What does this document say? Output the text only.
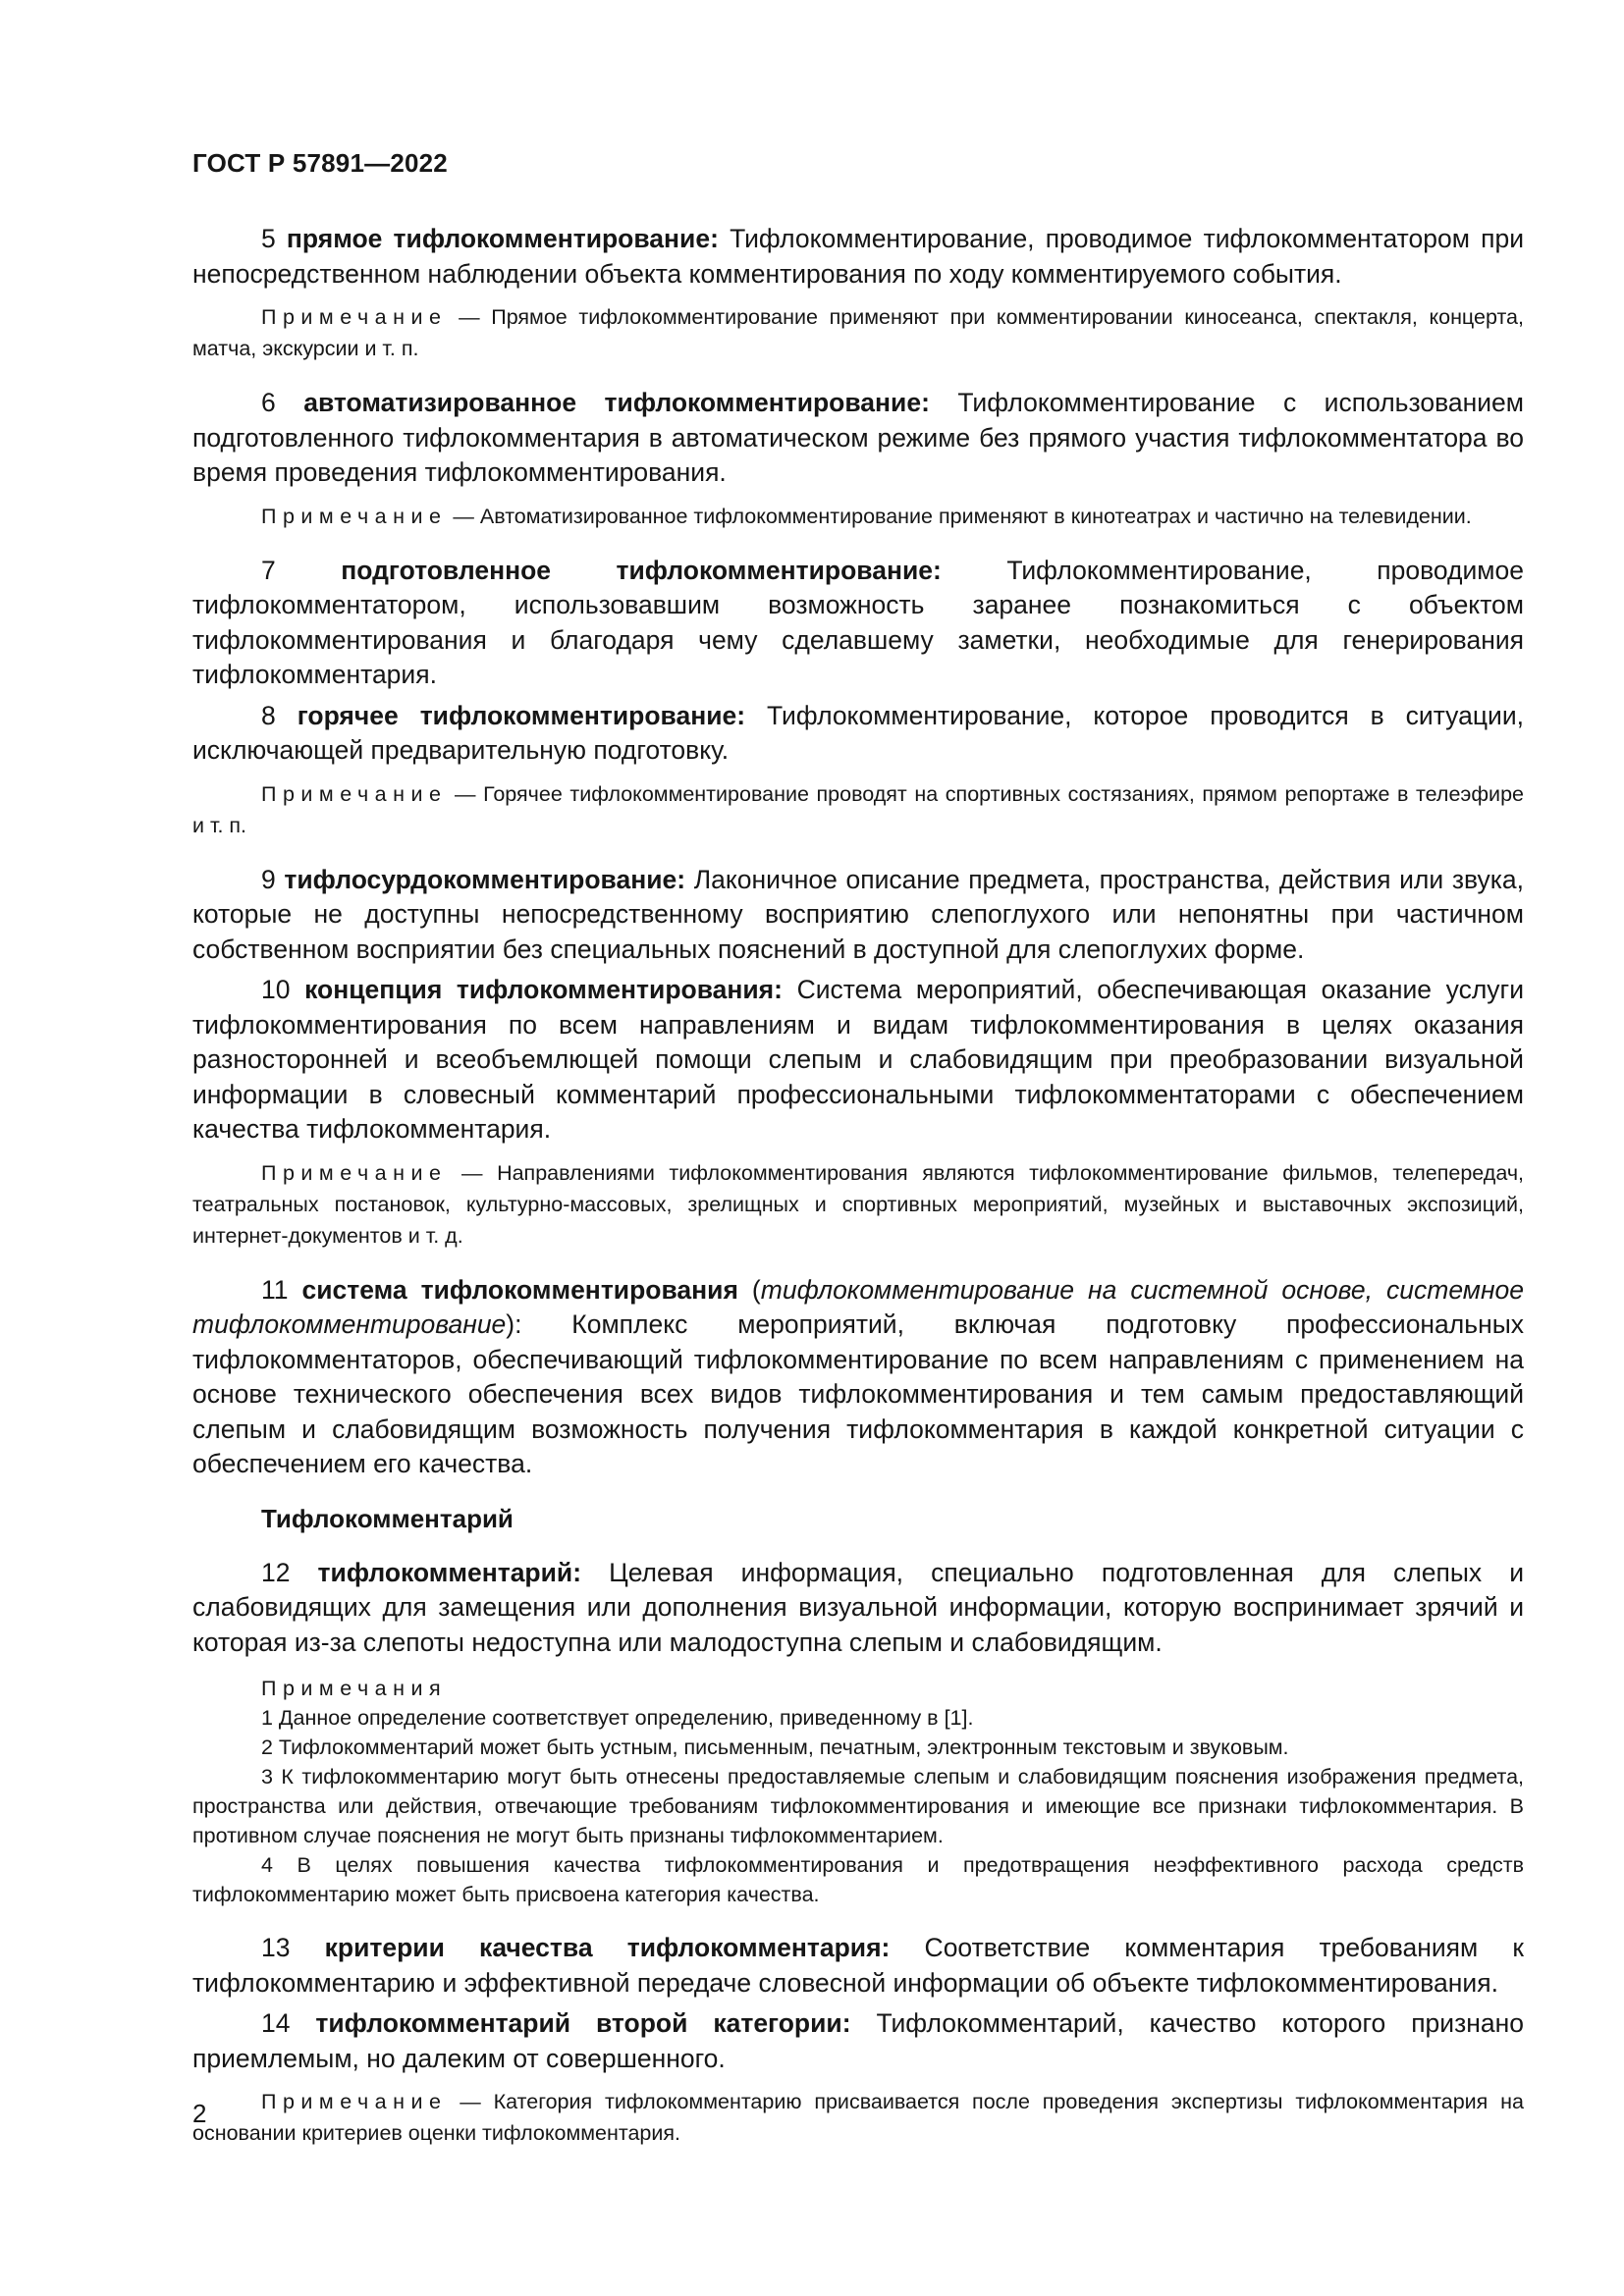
ГОСТ Р 57891—2022

5 прямое тифлокомментирование: Тифлокомментирование, проводимое тифлокомментатором при непосредственном наблюдении объекта комментирования по ходу комментируемого события.

Примечание — Прямое тифлокомментирование применяют при комментировании киносеанса, спектакля, концерта, матча, экскурсии и т. п.

6 автоматизированное тифлокомментирование: Тифлокомментирование с использованием подготовленного тифлокомментария в автоматическом режиме без прямого участия тифлокомментатора во время проведения тифлокомментирования.

Примечание — Автоматизированное тифлокомментирование применяют в кинотеатрах и частично на телевидении.

7 подготовленное тифлокомментирование: Тифлокомментирование, проводимое тифлокомментатором, использовавшим возможность заранее познакомиться с объектом тифлокомментирования и благодаря чему сделавшему заметки, необходимые для генерирования тифлокомментария.

8 горячее тифлокомментирование: Тифлокомментирование, которое проводится в ситуации, исключающей предварительную подготовку.

Примечание — Горячее тифлокомментирование проводят на спортивных состязаниях, прямом репортаже в телеэфире и т. п.

9 тифлосурдокомментирование: Лаконичное описание предмета, пространства, действия или звука, которые не доступны непосредственному восприятию слепоглухого или непонятны при частичном собственном восприятии без специальных пояснений в доступной для слепоглухих форме.

10 концепция тифлокомментирования: Система мероприятий, обеспечивающая оказание услуги тифлокомментирования по всем направлениям и видам тифлокомментирования в целях оказания разносторонней и всеобъемлющей помощи слепым и слабовидящим при преобразовании визуальной информации в словесный комментарий профессиональными тифлокомментаторами с обеспечением качества тифлокомментария.

Примечание — Направлениями тифлокомментирования являются тифлокомментирование фильмов, телепередач, театральных постановок, культурно-массовых, зрелищных и спортивных мероприятий, музейных и выставочных экспозиций, интернет-документов и т. д.

11 система тифлокомментирования (тифлокомментирование на системной основе, системное тифлокомментирование): Комплекс мероприятий, включая подготовку профессиональных тифлокомментаторов, обеспечивающий тифлокомментирование по всем направлениям с применением на основе технического обеспечения всех видов тифлокомментирования и тем самым предоставляющий слепым и слабовидящим возможность получения тифлокомментария в каждой конкретной ситуации с обеспечением его качества.

Тифлокомментарий

12 тифлокомментарий: Целевая информация, специально подготовленная для слепых и слабовидящих для замещения или дополнения визуальной информации, которую воспринимает зрячий и которая из-за слепоты недоступна или малодоступна слепым и слабовидящим.

Примечания
1 Данное определение соответствует определению, приведенному в [1].
2 Тифлокомментарий может быть устным, письменным, печатным, электронным текстовым и звуковым.
3 К тифлокомментарию могут быть отнесены предоставляемые слепым и слабовидящим пояснения изображения предмета, пространства или действия, отвечающие требованиям тифлокомментирования и имеющие все признаки тифлокомментария. В противном случае пояснения не могут быть признаны тифлокомментарием.
4 В целях повышения качества тифлокомментирования и предотвращения неэффективного расхода средств тифлокомментарию может быть присвоена категория качества.

13 критерии качества тифлокомментария: Соответствие комментария требованиям к тифлокомментарию и эффективной передаче словесной информации об объекте тифлокомментирования.

14 тифлокомментарий второй категории: Тифлокомментарий, качество которого признано приемлемым, но далеким от совершенного.

Примечание — Категория тифлокомментарию присваивается после проведения экспертизы тифлокомментария на основании критериев оценки тифлокомментария.

2
